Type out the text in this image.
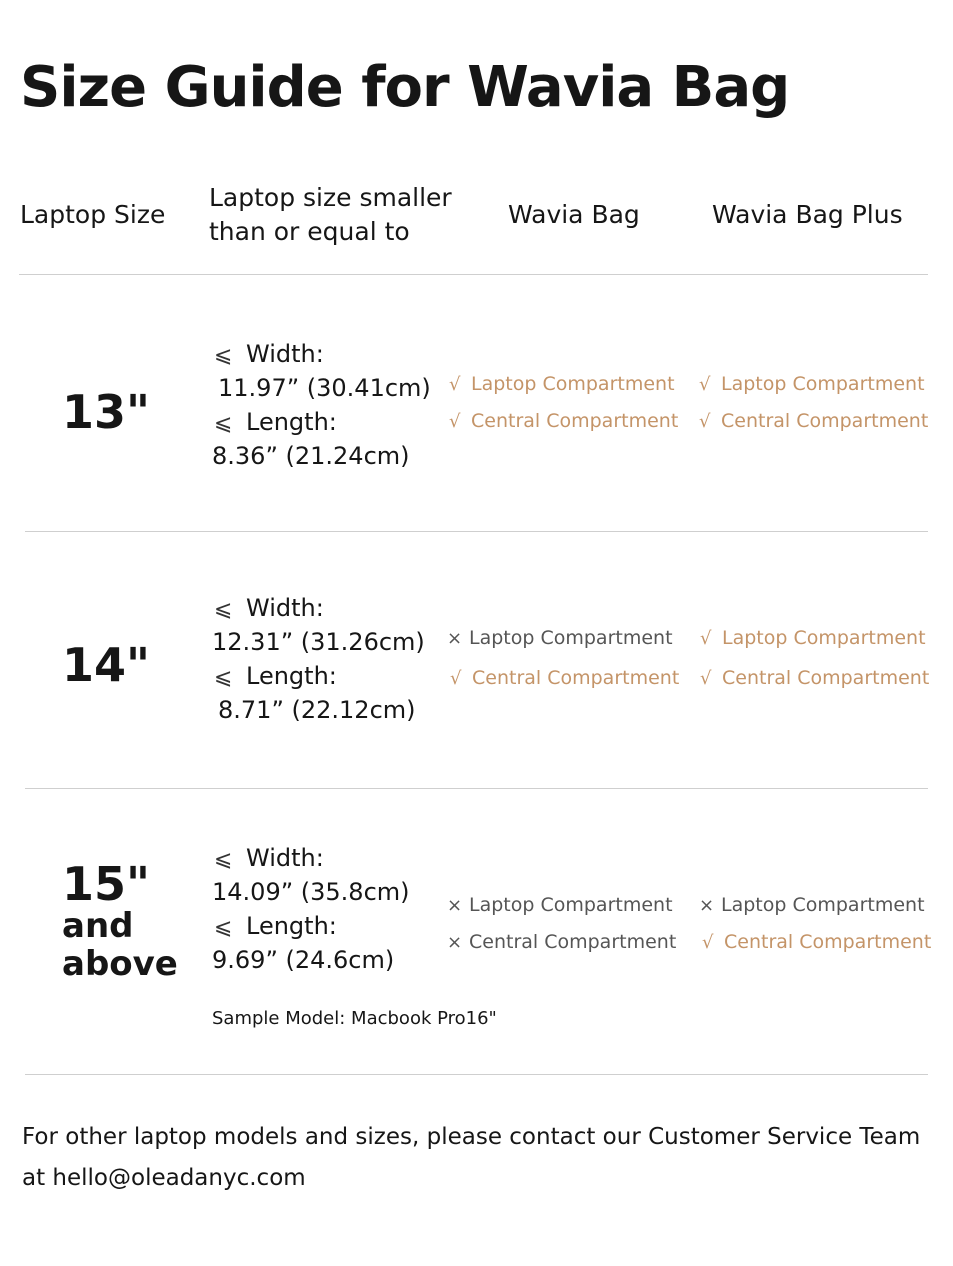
Size Guide for Wavia Bag
Laptop Size
Laptop size smaller
than or equal to
Wavia Bag	Wavia Bag Plus
13"
⩽ Width:
11.97” (30.41cm)
⩽ Length:
8.36” (21.24cm)
√ Laptop Compartment
√ Central Compartment
√ Laptop Compartment
√ Central Compartment
14"
⩽ Width:
12.31” (31.26cm)
⩽ Length:
8.71” (22.12cm)
× Laptop Compartment
√ Central Compartment
√ Laptop Compartment
√ Central Compartment
15"
and
above
⩽ Width:
14.09” (35.8cm)
⩽ Length:
9.69” (24.6cm)
Sample Model: Macbook Pro16"
× Laptop Compartment
× Central Compartment
× Laptop Compartment
√ Central Compartment
For other laptop models and sizes, please contact our Customer Service Team at hello@oleadanyc.com
